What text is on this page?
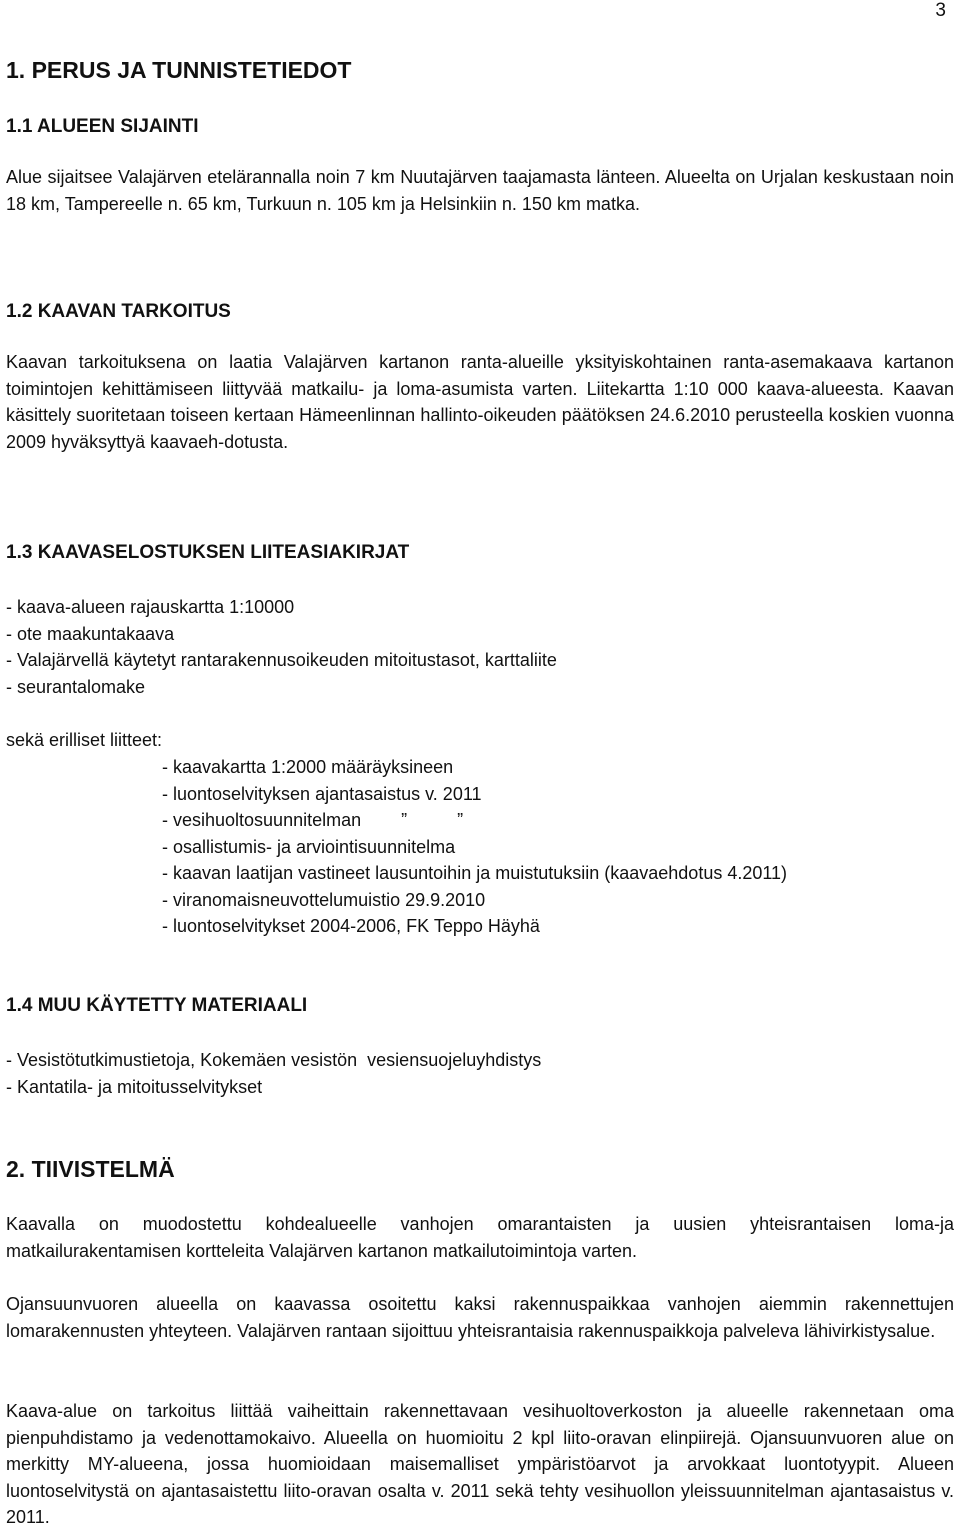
3
1. PERUS JA TUNNISTETIEDOT
1.1 ALUEEN SIJAINTI

Alue sijaitsee Valajärven etelärannalla noin 7 km Nuutajärven taajamasta länteen. Alueelta on Urjalan keskustaan noin 18 km, Tampereelle n. 65 km, Turkuun n. 105 km ja Helsinkiin n. 150 km matka.

1.2 KAAVAN TARKOITUS

Kaavan tarkoituksena on laatia Valajärven kartanon ranta-alueille yksityiskohtainen ranta-asemakaava kartanon toimintojen kehittämiseen liittyvää matkailu- ja loma-asumista varten. Liitekartta 1:10 000 kaava-alueesta. Kaavan käsittely suoritetaan toiseen kertaan Hämeenlinnan hallinto-oikeuden päätöksen 24.6.2010 perusteella koskien vuonna 2009 hyväksyttyä kaavaeh-dotusta.

1.3 KAAVASELOSTUKSEN LIITEASIAKIRJAT
- kaava-alueen rajauskartta 1:10000
- ote maakuntakaava
- Valajärvellä käytetyt rantarakennusoikeuden mitoitustasot, karttaliite
- seurantalomake
sekä erilliset liitteet:
- kaavakartta 1:2000 määräyksineen
- luontoselvityksen ajantasaistus v. 2011
- vesihuoltosuunnitelman        ”          ”
- osallistumis- ja arviointisuunnitelma
- kaavan laatijan vastineet lausuntoihin ja muistutuksiin (kaavaehdotus 4.2011)
- viranomaisneuvottelumuistio 29.9.2010
- luontoselvitykset 2004-2006, FK Teppo Häyhä
1.4 MUU KÄYTETTY MATERIAALI
- Vesistötutkimustietoja, Kokemäen vesistön  vesiensuojeluyhdistys
- Kantatila- ja mitoitusselvitykset
2. TIIVISTELMÄ

Kaavalla on muodostettu kohdealueelle vanhojen omarantaisten ja uusien yhteisrantaisen loma-ja matkailurakentamisen kortteleita Valajärven kartanon matkailutoimintoja varten.

Ojansuunvuoren alueella on kaavassa osoitettu kaksi rakennuspaikkaa vanhojen aiemmin rakennettujen lomarakennusten yhteyteen. Valajärven rantaan sijoittuu yhteisrantaisia rakennuspaikkoja palveleva lähivirkistysalue.

Kaava-alue on tarkoitus liittää vaiheittain rakennettavaan vesihuoltoverkoston ja alueelle rakennetaan oma pienpuhdistamo ja vedenottamokaivo. Alueella on huomioitu 2 kpl liito-oravan elinpiirejä. Ojansuunvuoren alue on merkitty MY-alueena, jossa huomioidaan maisemalliset ympäristöarvot ja arvokkaat luontotyypit. Alueen luontoselvitystä on ajantasaistettu liito-oravan osalta v. 2011 sekä tehty vesihuollon yleissuunnitelman ajantasaistus v. 2011.
